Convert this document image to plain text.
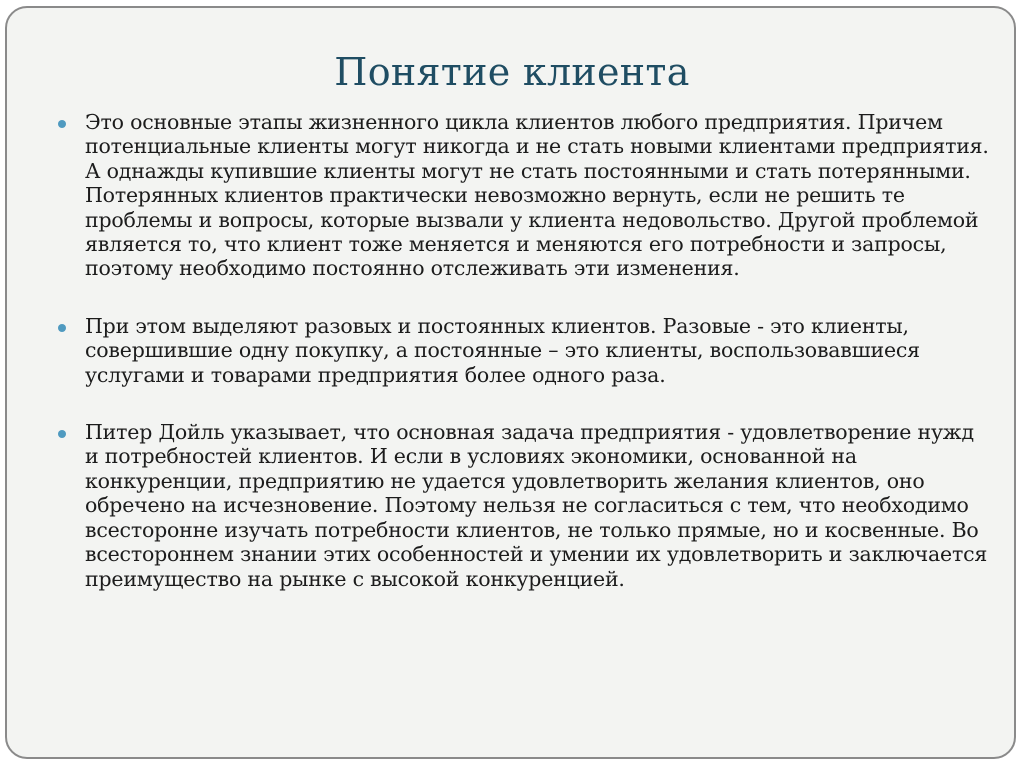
Понятие клиента

Это основные этапы жизненного цикла клиентов любого предприятия. Причем потенциальные клиенты могут никогда и не стать новыми клиентами предприятия. А однажды купившие клиенты могут не стать постоянными и стать потерянными. Потерянных клиентов практически невозможно вернуть, если не решить те проблемы и вопросы, которые вызвали у клиента недовольство. Другой проблемой является то, что клиент тоже меняется и меняются его потребности и запросы, поэтому необходимо постоянно отслеживать эти изменения.

При этом выделяют разовых и постоянных клиентов. Разовые - это клиенты, совершившие одну покупку, а постоянные – это клиенты, воспользовавшиеся услугами и товарами предприятия более одного раза.

Питер Дойль указывает, что основная задача предприятия - удовлетворение нужд и потребностей клиентов. И если в условиях экономики, основанной на конкуренции, предприятию не удается удовлетворить желания клиентов, оно обречено на исчезновение. Поэтому нельзя не согласиться с тем, что необходимо всесторонне изучать потребности клиентов, не только прямые, но и косвенные. Во всестороннем знании этих особенностей и умении их удовлетворить и заключается преимущество на рынке с высокой конкуренцией.
